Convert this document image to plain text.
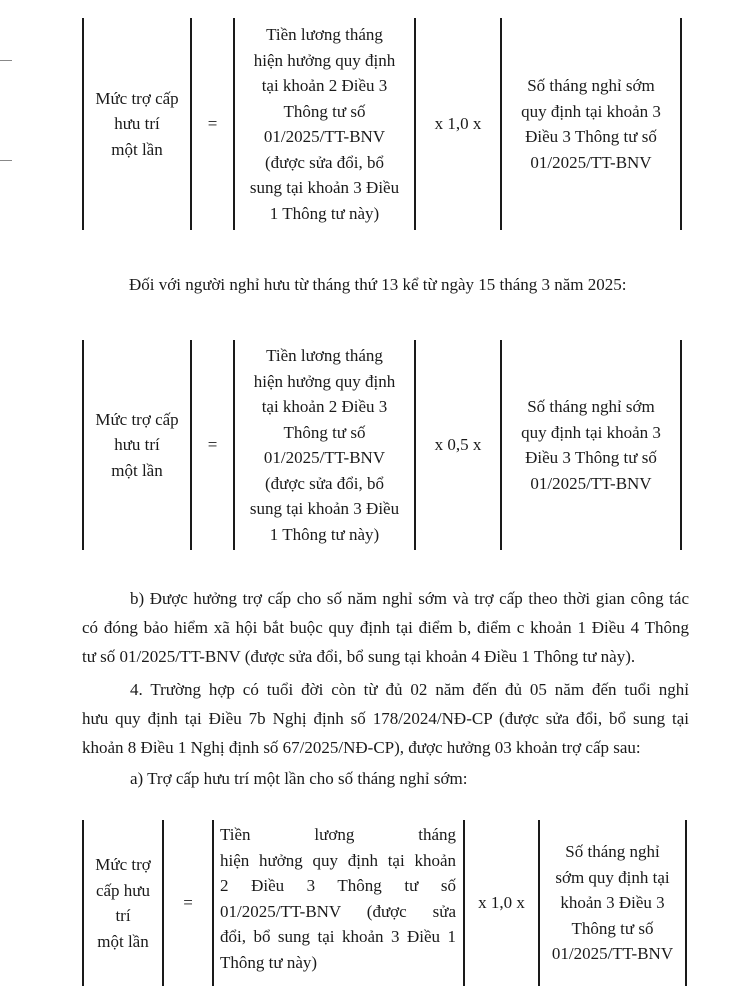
Mức trợ cấp
hưu trí
một lần
=
Tiền lương tháng
hiện hưởng quy định
tại khoản 2 Điều 3
Thông tư số
01/2025/TT-BNV
(được sửa đổi, bổ
sung tại khoản 3 Điều
1 Thông tư này)
x 1,0 x
Số tháng nghỉ sớm
quy định tại khoản 3
Điều 3 Thông tư số
01/2025/TT-BNV
Đối với người nghỉ hưu từ tháng thứ 13 kể từ ngày 15 tháng 3 năm 2025:
Mức trợ cấp
hưu trí
một lần
=
Tiền lương tháng
hiện hưởng quy định
tại khoản 2 Điều 3
Thông tư số
01/2025/TT-BNV
(được sửa đổi, bổ
sung tại khoản 3 Điều
1 Thông tư này)
x 0,5 x
Số tháng nghỉ sớm
quy định tại khoản 3
Điều 3 Thông tư số
01/2025/TT-BNV
b) Được hưởng trợ cấp cho số năm nghỉ sớm và trợ cấp theo thời gian công tác
có đóng bảo hiểm xã hội bắt buộc quy định tại điểm b, điểm c khoản 1 Điều 4 Thông
tư số 01/2025/TT-BNV (được sửa đổi, bổ sung tại khoản 4 Điều 1 Thông tư này).
4. Trường hợp có tuổi đời còn từ đủ 02 năm đến đủ 05 năm đến tuổi nghỉ
hưu quy định tại Điều 7b Nghị định số 178/2024/NĐ-CP (được sửa đổi, bổ sung tại
khoản 8 Điều 1 Nghị định số 67/2025/NĐ-CP), được hưởng 03 khoản trợ cấp sau:
a) Trợ cấp hưu trí một lần cho số tháng nghỉ sớm:
Mức trợ
cấp hưu
trí
một lần
=
Tiền lương tháng
hiện hưởng quy định tại khoản
2 Điều 3 Thông tư số
01/2025/TT-BNV (được sửa
đổi, bổ sung tại khoản 3 Điều 1
Thông tư này)
x 1,0 x
Số tháng nghỉ
sớm quy định tại
khoản 3 Điều 3
Thông tư số
01/2025/TT-BNV
